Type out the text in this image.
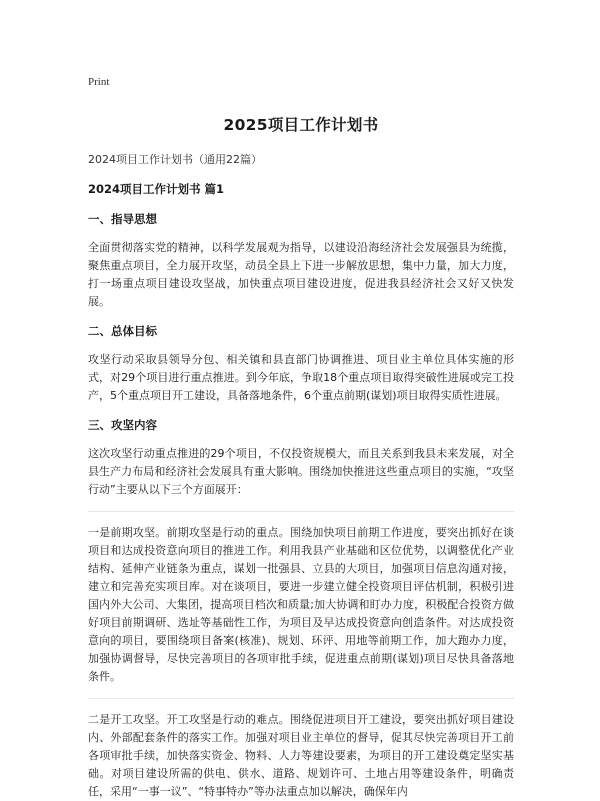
Print
2025项目工作计划书

2024项目工作计划书（通用22篇）

2024项目工作计划书 篇1

一、指导思想

全面贯彻落实党的精神，以科学发展观为指导，以建设沿海经济社会发展强县为统揽，聚焦重点项目，全力展开攻坚，动员全县上下进一步解放思想，集中力量，加大力度，打一场重点项目建设攻坚战，加快重点项目建设进度，促进我县经济社会又好又快发展。

二、总体目标

攻坚行动采取县领导分包、相关镇和县直部门协调推进、项目业主单位具体实施的形式，对29个项目进行重点推进。到今年底，争取18个重点项目取得突破性进展或完工投产，5个重点项目开工建设，具备落地条件，6个重点前期(谋划)项目取得实质性进展。

三、攻坚内容

这次攻坚行动重点推进的29个项目，不仅投资规模大，而且关系到我县未来发展，对全县生产力布局和经济社会发展具有重大影响。围绕加快推进这些重点项目的实施，“攻坚行动”主要从以下三个方面展开：

一是前期攻坚。前期攻坚是行动的重点。围绕加快项目前期工作进度，要突出抓好在谈项目和达成投资意向项目的推进工作。利用我县产业基础和区位优势，以调整优化产业结构、延伸产业链条为重点，谋划一批强县、立县的大项目，加强项目信息沟通对接，建立和完善充实项目库。对在谈项目，要进一步建立健全投资项目评估机制，积极引进国内外大公司、大集团，提高项目档次和质量;加大协调和盯办力度，积极配合投资方做好项目前期调研、选址等基础性工作，为项目及早达成投资意向创造条件。对达成投资意向的项目，要围绕项目备案(核准)、规划、环评、用地等前期工作，加大跑办力度，加强协调督导，尽快完善项目的各项审批手续，促进重点前期(谋划)项目尽快具备落地条件。

二是开工攻坚。开工攻坚是行动的难点。围绕促进项目开工建设，要突出抓好项目建设内、外部配套条件的落实工作。加强对项目业主单位的督导，促其尽快完善项目开工前各项审批手续，加快落实资金、物料、人力等建设要素，为项目的开工建设奠定坚实基础。对项目建设所需的供电、供水、道路、规划许可、土地占用等建设条件，明确责任，采用“一事一议”、“特事特办”等办法重点加以解决，确保年内
